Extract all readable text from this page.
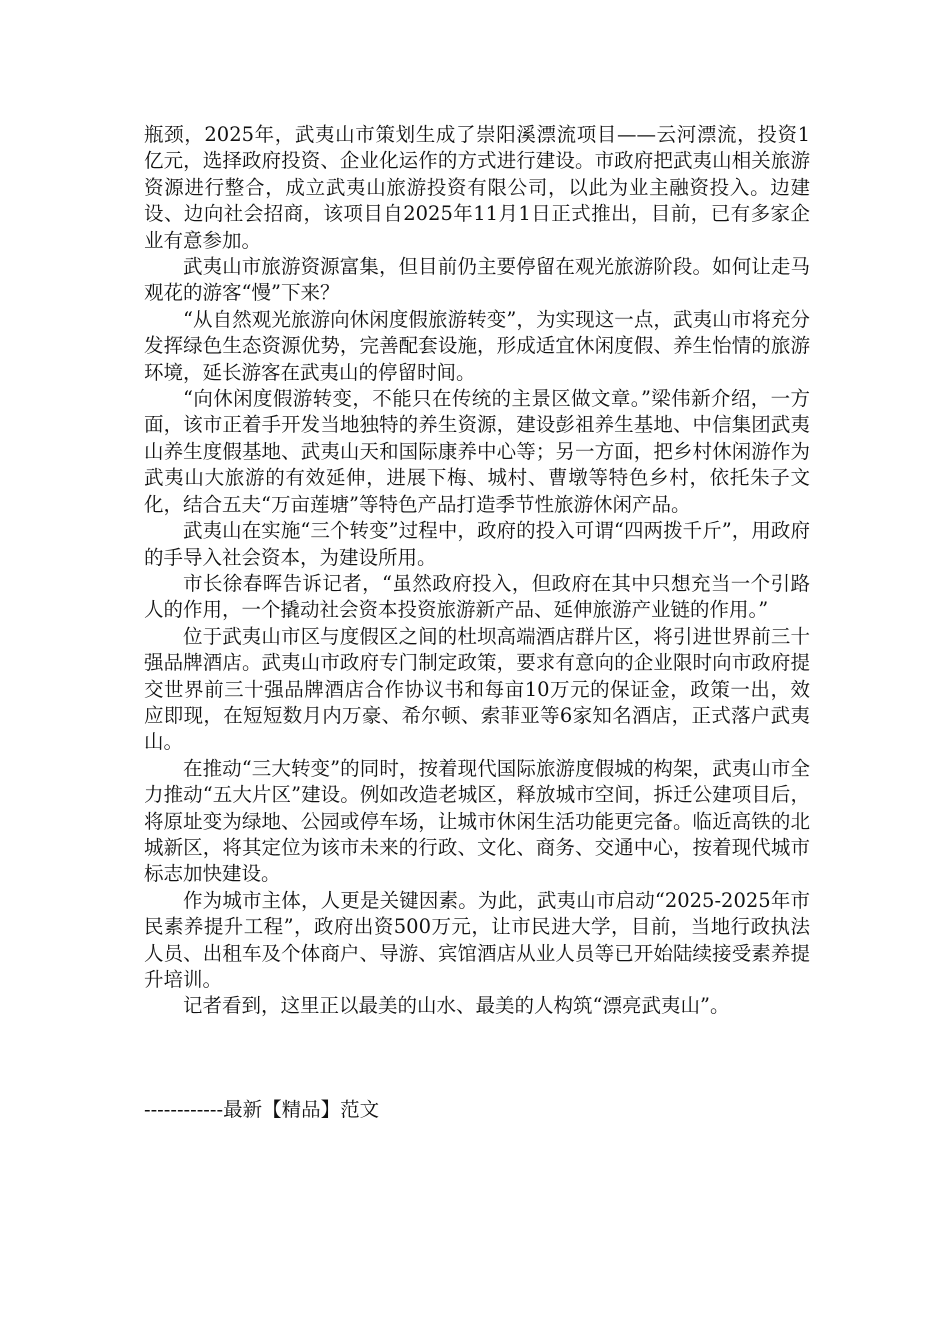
瓶颈，2025年，武夷山市策划生成了崇阳溪漂流项目——云河漂流，投资1亿元，选择政府投资、企业化运作的方式进行建设。市政府把武夷山相关旅游资源进行整合，成立武夷山旅游投资有限公司，以此为业主融资投入。边建设、边向社会招商，该项目自2025年11月1日正式推出，目前，已有多家企业有意参加。

武夷山市旅游资源富集，但目前仍主要停留在观光旅游阶段。如何让走马观花的游客“慢”下来？

“从自然观光旅游向休闲度假旅游转变”，为实现这一点，武夷山市将充分发挥绿色生态资源优势，完善配套设施，形成适宜休闲度假、养生怡情的旅游环境，延长游客在武夷山的停留时间。

“向休闲度假游转变，不能只在传统的主景区做文章。”梁伟新介绍，一方面，该市正着手开发当地独特的养生资源，建设彭祖养生基地、中信集团武夷山养生度假基地、武夷山天和国际康养中心等；另一方面，把乡村休闲游作为武夷山大旅游的有效延伸，进展下梅、城村、曹墩等特色乡村，依托朱子文化，结合五夫“万亩莲塘”等特色产品打造季节性旅游休闲产品。

武夷山在实施“三个转变”过程中，政府的投入可谓“四两拨千斤”，用政府的手导入社会资本，为建设所用。

市长徐春晖告诉记者，“虽然政府投入，但政府在其中只想充当一个引路人的作用，一个撬动社会资本投资旅游新产品、延伸旅游产业链的作用。”

位于武夷山市区与度假区之间的杜坝高端酒店群片区，将引进世界前三十强品牌酒店。武夷山市政府专门制定政策，要求有意向的企业限时向市政府提交世界前三十强品牌酒店合作协议书和每亩10万元的保证金，政策一出，效应即现，在短短数月内万豪、希尔顿、索菲亚等6家知名酒店，正式落户武夷山。

在推动“三大转变”的同时，按着现代国际旅游度假城的构架，武夷山市全力推动“五大片区”建设。例如改造老城区，释放城市空间，拆迁公建项目后，将原址变为绿地、公园或停车场，让城市休闲生活功能更完备。临近高铁的北城新区，将其定位为该市未来的行政、文化、商务、交通中心，按着现代城市标志加快建设。

作为城市主体，人更是关键因素。为此，武夷山市启动“2025-2025年市民素养提升工程”，政府出资500万元，让市民进大学，目前，当地行政执法人员、出租车及个体商户、导游、宾馆酒店从业人员等已开始陆续接受素养提升培训。

记者看到，这里正以最美的山水、最美的人构筑“漂亮武夷山”。

------------最新【精品】范文
